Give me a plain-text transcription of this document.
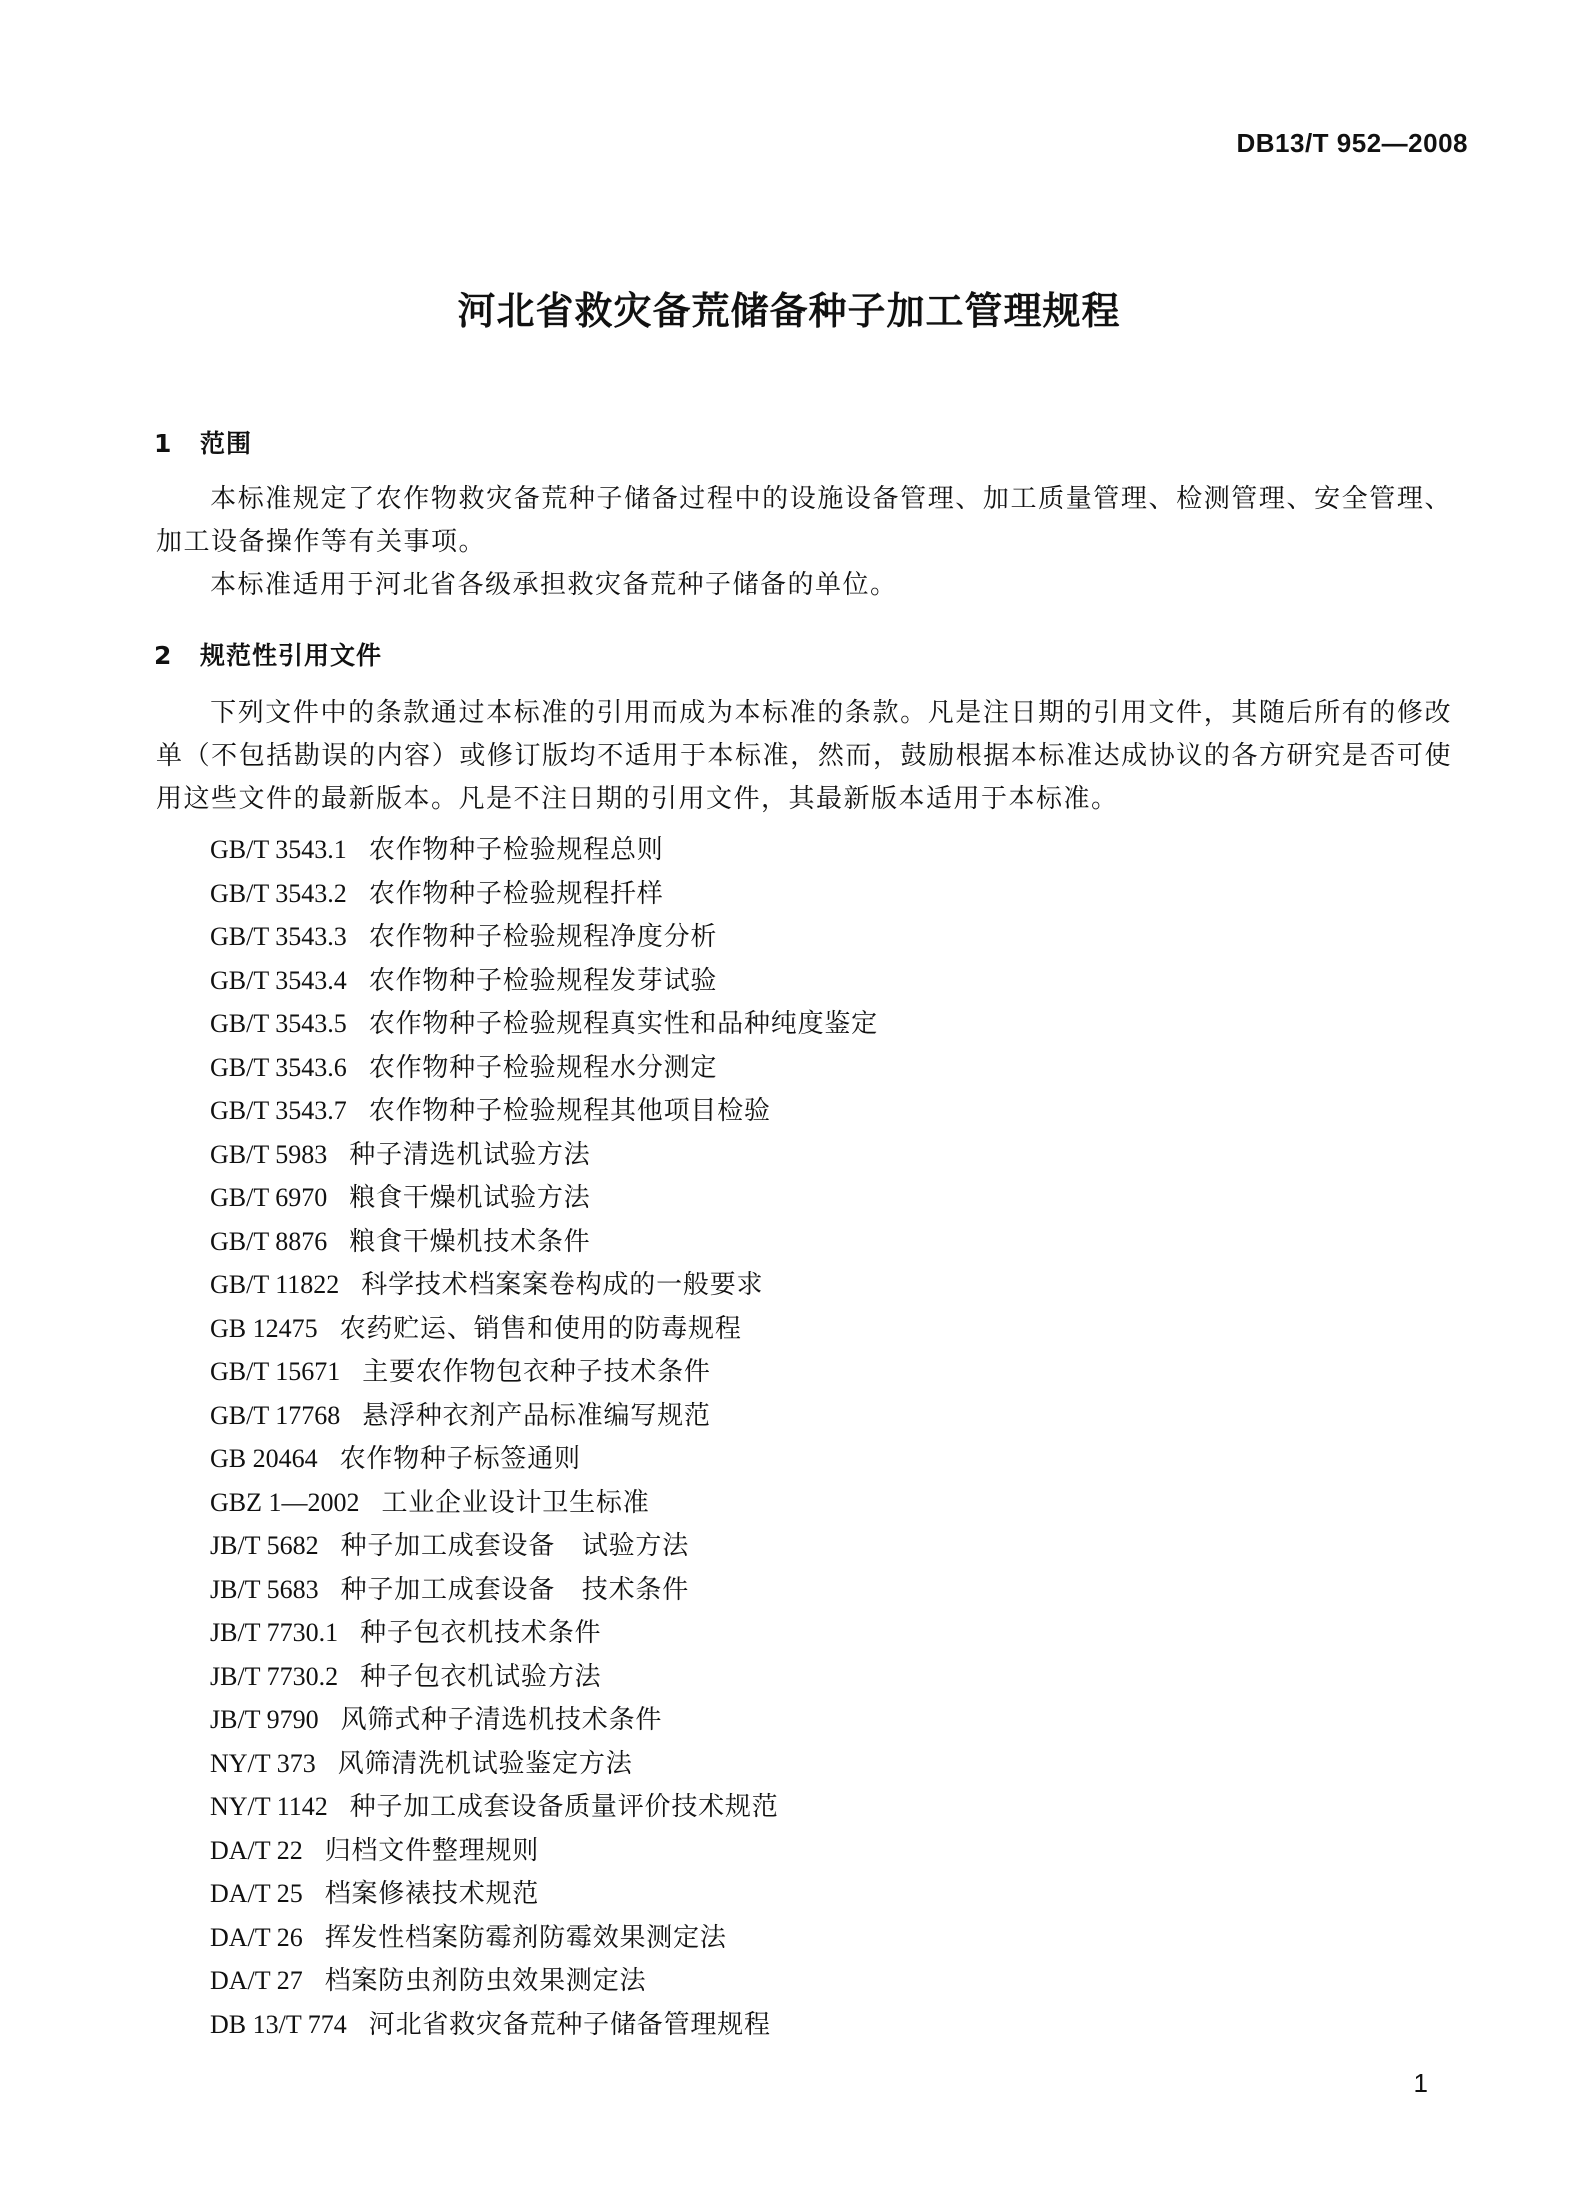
DB13/T 952—2008
河北省救灾备荒储备种子加工管理规程
1 范围
本标准规定了农作物救灾备荒种子储备过程中的设施设备管理、加工质量管理、检测管理、安全管理、加工设备操作等有关事项。
本标准适用于河北省各级承担救灾备荒种子储备的单位。
2 规范性引用文件
下列文件中的条款通过本标准的引用而成为本标准的条款。凡是注日期的引用文件，其随后所有的修改单（不包括勘误的内容）或修订版均不适用于本标准，然而，鼓励根据本标准达成协议的各方研究是否可使用这些文件的最新版本。凡是不注日期的引用文件，其最新版本适用于本标准。
GB/T 3543.1 农作物种子检验规程总则
GB/T 3543.2 农作物种子检验规程扦样
GB/T 3543.3 农作物种子检验规程净度分析
GB/T 3543.4 农作物种子检验规程发芽试验
GB/T 3543.5 农作物种子检验规程真实性和品种纯度鉴定
GB/T 3543.6 农作物种子检验规程水分测定
GB/T 3543.7 农作物种子检验规程其他项目检验
GB/T 5983 种子清选机试验方法
GB/T 6970 粮食干燥机试验方法
GB/T 8876 粮食干燥机技术条件
GB/T 11822 科学技术档案案卷构成的一般要求
GB 12475 农药贮运、销售和使用的防毒规程
GB/T 15671 主要农作物包衣种子技术条件
GB/T 17768 悬浮种衣剂产品标准编写规范
GB 20464 农作物种子标签通则
GBZ 1—2002 工业企业设计卫生标准
JB/T 5682 种子加工成套设备　试验方法
JB/T 5683 种子加工成套设备　技术条件
JB/T 7730.1 种子包衣机技术条件
JB/T 7730.2 种子包衣机试验方法
JB/T 9790 风筛式种子清选机技术条件
NY/T 373 风筛清洗机试验鉴定方法
NY/T 1142 种子加工成套设备质量评价技术规范
DA/T 22 归档文件整理规则
DA/T 25 档案修裱技术规范
DA/T 26 挥发性档案防霉剂防霉效果测定法
DA/T 27 档案防虫剂防虫效果测定法
DB 13/T 774 河北省救灾备荒种子储备管理规程
1
